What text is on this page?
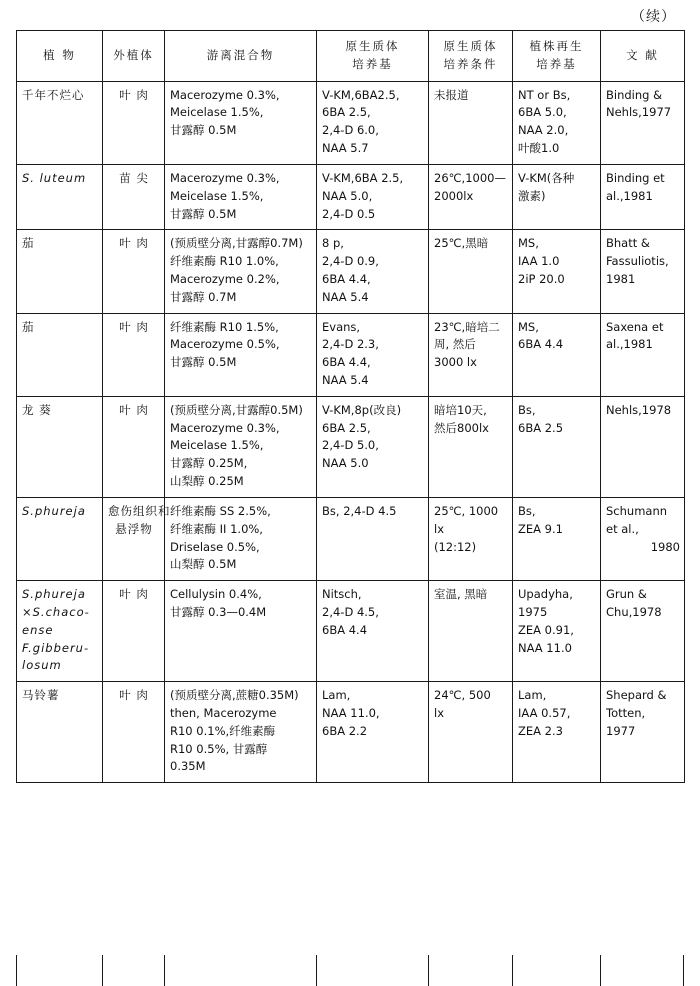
（续）
植 物	外植体	游离混合物	原生质体
培养基	原生质体
培养条件	植株再生
培养基	文 献

千年不烂心	叶 肉	Macerozyme 0.3%,
Meicelase 1.5%,
甘露醇 0.5M	V-KM,6BA2.5,
6BA 2.5,
2,4-D 6.0,
NAA 5.7	未报道	NT or Bs,
6BA 5.0,
NAA 2.0,
叶酸1.0	Binding &
Nehls,1977

S. luteum	苗 尖	Macerozyme 0.3%,
Meicelase 1.5%,
甘露醇 0.5M	V-KM,6BA 2.5,
NAA 5.0,
2,4-D 0.5	26℃,1000—
2000lx	V-KM(各种
激素)	Binding et
al.,1981

茄	叶 肉	(预质壁分离,甘露醇0.7M)
纤维素酶 R10 1.0%,
Macerozyme 0.2%,
甘露醇 0.7M	8 p,
2,4-D 0.9,
6BA 4.4,
NAA 5.4	25℃,黑暗	MS,
IAA 1.0
2iP 20.0	Bhatt &
Fassuliotis,
1981

茄	叶 肉	纤维素酶 R10 1.5%,
Macerozyme 0.5%,
甘露醇 0.5M	Evans,
2,4-D 2.3,
6BA 4.4,
NAA 5.4	23℃,暗培二
周, 然后
3000 lx	MS,
6BA 4.4	Saxena et
al.,1981

龙 葵	叶 肉	(预质壁分离,甘露醇0.5M)
Macerozyme 0.3%,
Meicelase 1.5%,
甘露醇 0.25M,
山梨醇 0.25M	V-KM,8p(改良)
6BA 2.5,
2,4-D 5.0,
NAA 5.0	暗培10天,
然后800lx	Bs,
6BA 2.5	Nehls,1978

S.phureja	愈伤组织和
悬浮物	纤维素酶 SS 2.5%,
纤维素酶 II 1.0%,
Driselase 0.5%,
山梨醇 0.5M	Bs, 2,4-D 4.5	25℃, 1000
lx
(12:12)	Bs,
ZEA 9.1	Schumann
et al.,
1980

S.phureja
×S.chaco-
ense
F.gibberu-
losum	叶 肉	Cellulysin 0.4%,
甘露醇 0.3—0.4M	Nitsch,
2,4-D 4.5,
6BA 4.4	室温, 黑暗	Upadyha,
1975
ZEA 0.91,
NAA 11.0	Grun &
Chu,1978

马铃薯	叶 肉	(预质壁分离,蔗糖0.35M)
then, Macerozyme
R10 0.1%,纤维素酶
R10 0.5%, 甘露醇
0.35M	Lam,
NAA 11.0,
6BA 2.2	24℃, 500
lx	Lam,
IAA 0.57,
ZEA 2.3	Shepard &
Totten,
1977
